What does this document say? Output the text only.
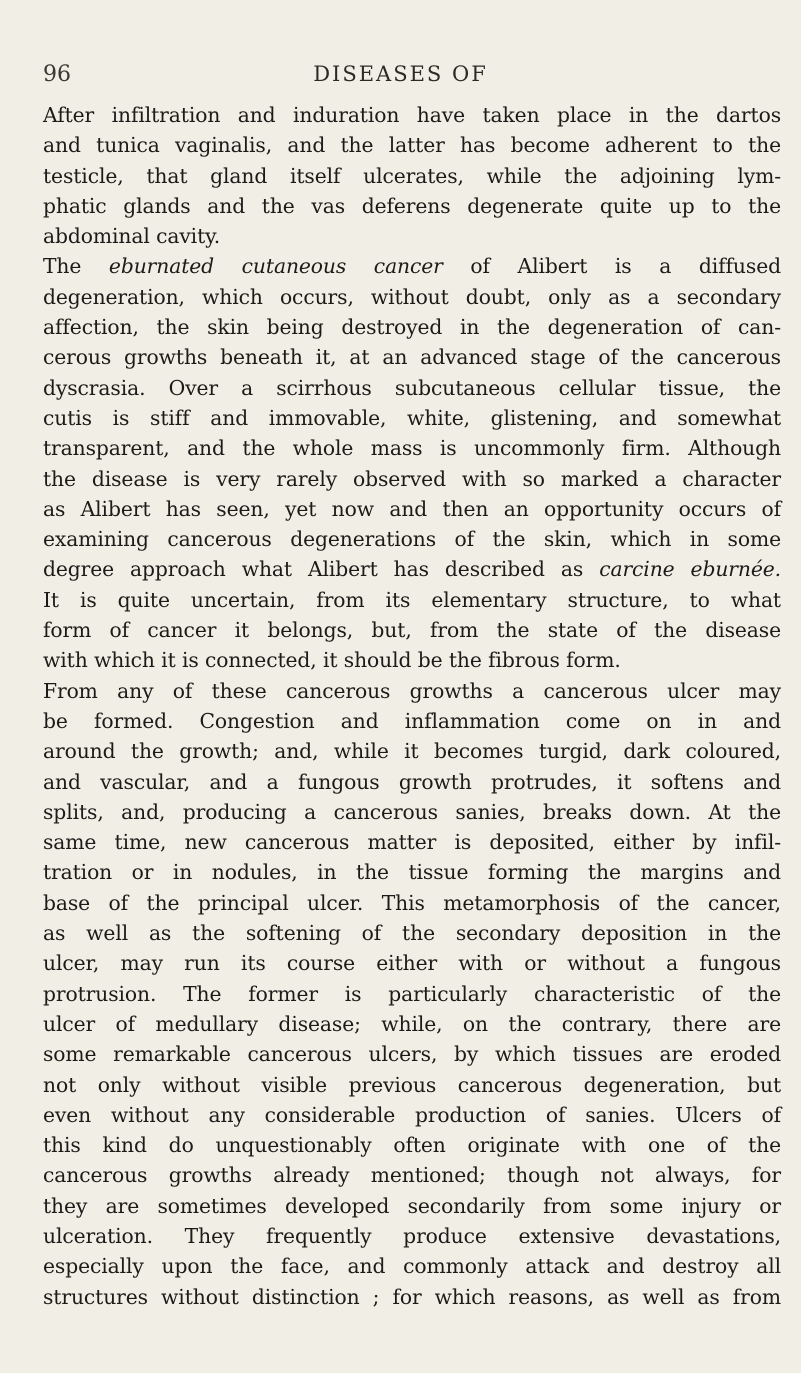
96	DISEASES OF
After infiltration and induration have taken place in the dartos
and tunica vaginalis, and the latter has become adherent to the
testicle, that gland itself ulcerates, while the adjoining lym-
phatic glands and the vas deferens degenerate quite up to the
abdominal cavity.
The eburnated cutaneous cancer of Alibert is a diffused
degeneration, which occurs, without doubt, only as a secondary
affection, the skin being destroyed in the degeneration of can-
cerous growths beneath it, at an advanced stage of the cancerous
dyscrasia. Over a scirrhous subcutaneous cellular tissue, the
cutis is stiff and immovable, white, glistening, and somewhat
transparent, and the whole mass is uncommonly firm. Although
the disease is very rarely observed with so marked a character
as Alibert has seen, yet now and then an opportunity occurs of
examining cancerous degenerations of the skin, which in some
degree approach what Alibert has described as carcine eburnée.
It is quite uncertain, from its elementary structure, to what
form of cancer it belongs, but, from the state of the disease
with which it is connected, it should be the fibrous form.
From any of these cancerous growths a cancerous ulcer may
be formed. Congestion and inflammation come on in and
around the growth; and, while it becomes turgid, dark coloured,
and vascular, and a fungous growth protrudes, it softens and
splits, and, producing a cancerous sanies, breaks down. At the
same time, new cancerous matter is deposited, either by infil-
tration or in nodules, in the tissue forming the margins and
base of the principal ulcer. This metamorphosis of the cancer,
as well as the softening of the secondary deposition in the
ulcer, may run its course either with or without a fungous
protrusion. The former is particularly characteristic of the
ulcer of medullary disease; while, on the contrary, there are
some remarkable cancerous ulcers, by which tissues are eroded
not only without visible previous cancerous degeneration, but
even without any considerable production of sanies. Ulcers of
this kind do unquestionably often originate with one of the
cancerous growths already mentioned; though not always, for
they are sometimes developed secondarily from some injury or
ulceration. They frequently produce extensive devastations,
especially upon the face, and commonly attack and destroy all
structures without distinction ; for which reasons, as well as from
